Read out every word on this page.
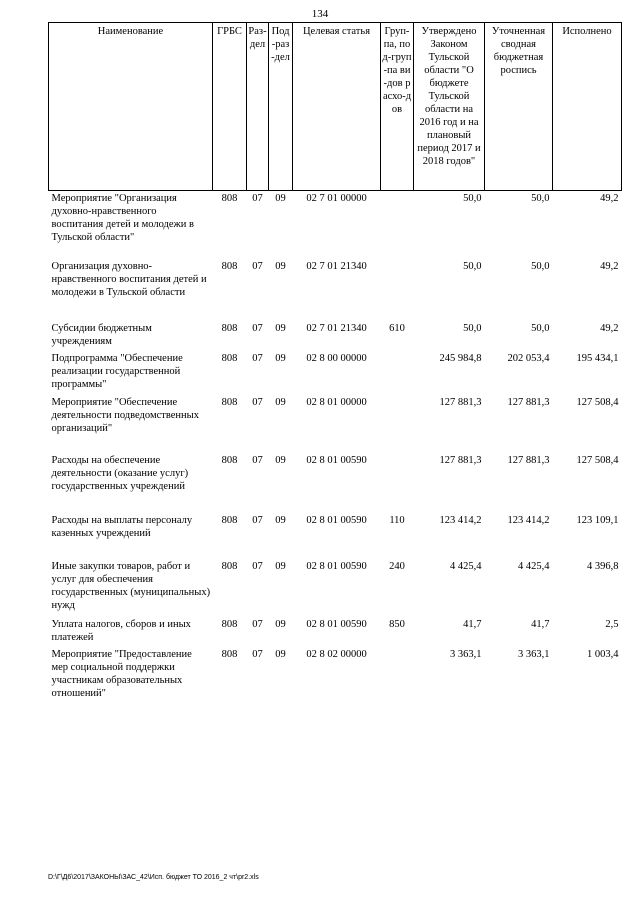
134
Наименование	ГРБС	Раз-дел	Под-раз-дел	Целевая статья	Груп-па, под-груп-па ви-дов расхо-дов	Утверждено Законом Тульской области "О бюджете Тульской области на 2016 год и на плановый период 2017 и 2018 годов"	Уточненная сводная бюджетная роспись	Исполнено
Мероприятие "Организация духовно-нравственного воспитания детей и молодежи в Тульской области"	808	07	09	02 7 01 00000		50,0	50,0	49,2
Организация духовно-нравственного воспитания детей и молодежи в Тульской области	808	07	09	02 7 01 21340		50,0	50,0	49,2
Субсидии бюджетным учреждениям	808	07	09	02 7 01 21340	610	50,0	50,0	49,2
Подпрограмма "Обеспечение реализации государственной программы"	808	07	09	02 8 00 00000		245 984,8	202 053,4	195 434,1
Мероприятие "Обеспечение деятельности подведомственных организаций"	808	07	09	02 8 01 00000		127 881,3	127 881,3	127 508,4
Расходы на обеспечение деятельности (оказание услуг) государственных учреждений	808	07	09	02 8 01 00590		127 881,3	127 881,3	127 508,4
Расходы на выплаты персоналу казенных учреждений	808	07	09	02 8 01 00590	110	123 414,2	123 414,2	123 109,1
Иные закупки товаров, работ и услуг для обеспечения государственных (муниципальных) нужд	808	07	09	02 8 01 00590	240	4 425,4	4 425,4	4 396,8
Уплата налогов, сборов и иных платежей	808	07	09	02 8 01 00590	850	41,7	41,7	2,5
Мероприятие "Предоставление мер социальной поддержки участникам образовательных отношений"	808	07	09	02 8 02 00000		3 363,1	3 363,1	1 003,4
D:\Г\Д6\2017\ЗАКОНЫ\ЗАС_42\Исп. бюджет ТО 2016_2 чт\pr2.xls
